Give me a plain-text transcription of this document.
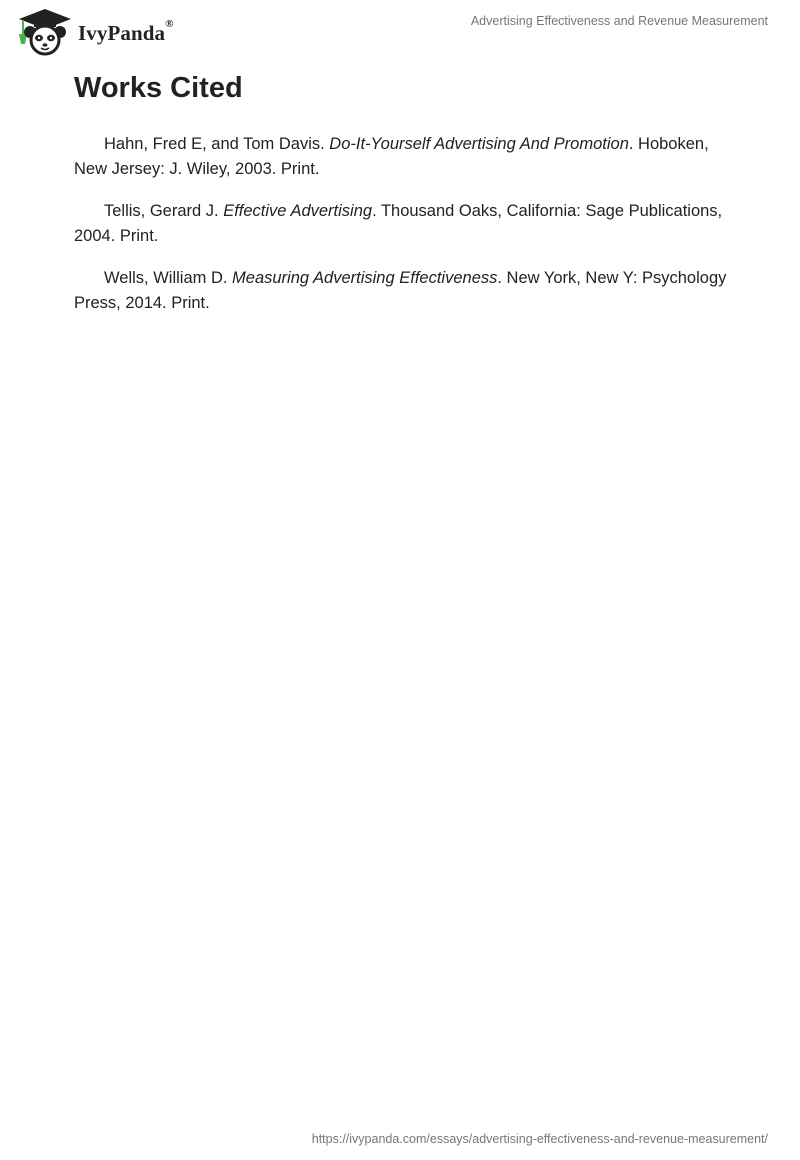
IvyPanda®	Advertising Effectiveness and Revenue Measurement
Works Cited

Hahn, Fred E, and Tom Davis. Do-It-Yourself Advertising And Promotion. Hoboken, New Jersey: J. Wiley, 2003. Print.

Tellis, Gerard J. Effective Advertising. Thousand Oaks, California: Sage Publications, 2004. Print.

Wells, William D. Measuring Advertising Effectiveness. New York, New Y: Psychology Press, 2014. Print.

https://ivypanda.com/essays/advertising-effectiveness-and-revenue-measurement/
